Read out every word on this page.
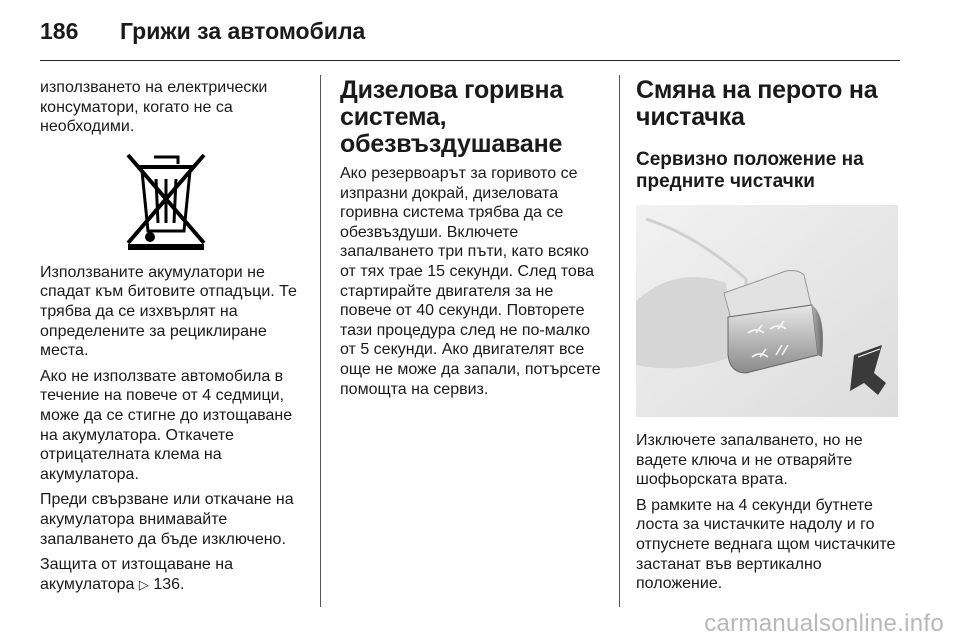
186	Грижи за автомобила

използването на електрически консуматори, когато не са необходими.

Използваните акумулатори не спадат към битовите отпадъци. Те трябва да се изхвърлят на определените за рециклиране места.

Ако не използвате автомобила в течение на повече от 4 седмици, може да се стигне до изтощаване на акумулатора. Откачете отрицателната клема на акумулатора.

Преди свързване или откачане на акумулатора внимавайте запалването да бъде изключено.

Защита от изтощаване на
акумулатора ▷ 136.

Дизелова горивна система, обезвъздушаване

Ако резервоарът за горивото се изпразни докрай, дизеловата горивна система трябва да се обезвъздуши. Включете запалването три пъти, като всяко от тях трае 15 секунди. След това стартирайте двигателя за не повече от 40 секунди. Повторете тази процедура след не по-малко от 5 секунди. Ако двигателят все още не може да запали, потърсете помощта на сервиз.

Смяна на перото на чистачка
Сервизно положение на предните чистачки

Изключете запалването, но не вадете ключа и не отваряйте шофьорската врата.

В рамките на 4 секунди бутнете лоста за чистачките надолу и го отпуснете веднага щом чистачките застанат във вертикално положение.

carmanualsonline.info
